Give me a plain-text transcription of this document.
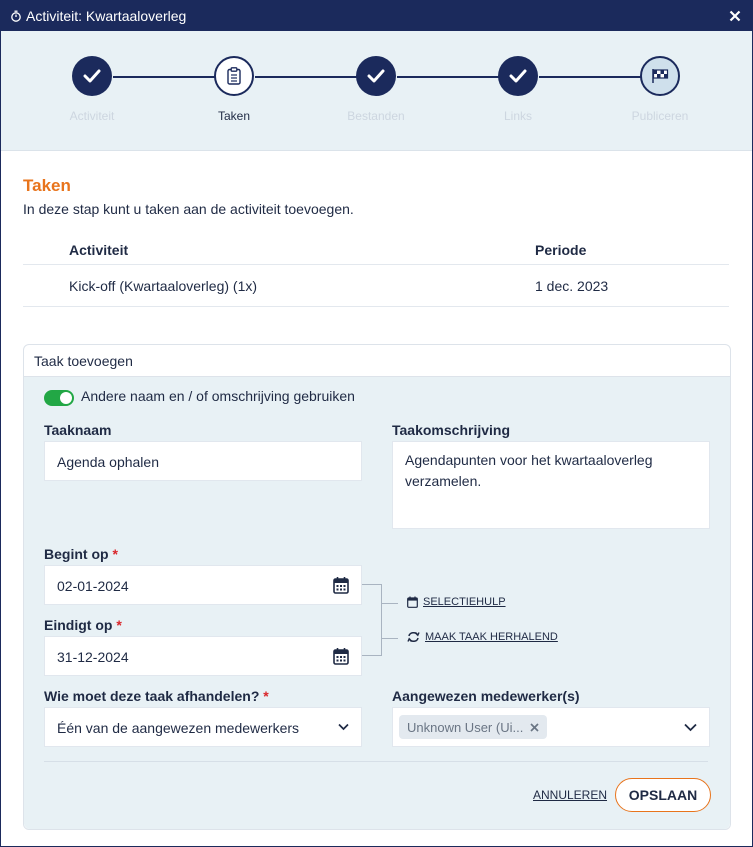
Activiteit: Kwartaaloverleg
Activiteit	Taken	Bestanden	Links	Publiceren
Taken
In deze stap kunt u taken aan de activiteit toevoegen.
Activiteit	Periode
Kick-off (Kwartaaloverleg) (1x)	1 dec. 2023
Taak toevoegen
Andere naam en / of omschrijving gebruiken
Taaknaam
Agenda ophalen
Taakomschrijving
Agendapunten voor het kwartaaloverleg verzamelen.
Begint op *
02-01-2024
Eindigt op *
31-12-2024
SELECTIEHULP
MAAK TAAK HERHALEND
Wie moet deze taak afhandelen? *
Één van de aangewezen medewerkers
Aangewezen medewerker(s)
Unknown User (Ui...
ANNULEREN	OPSLAAN
